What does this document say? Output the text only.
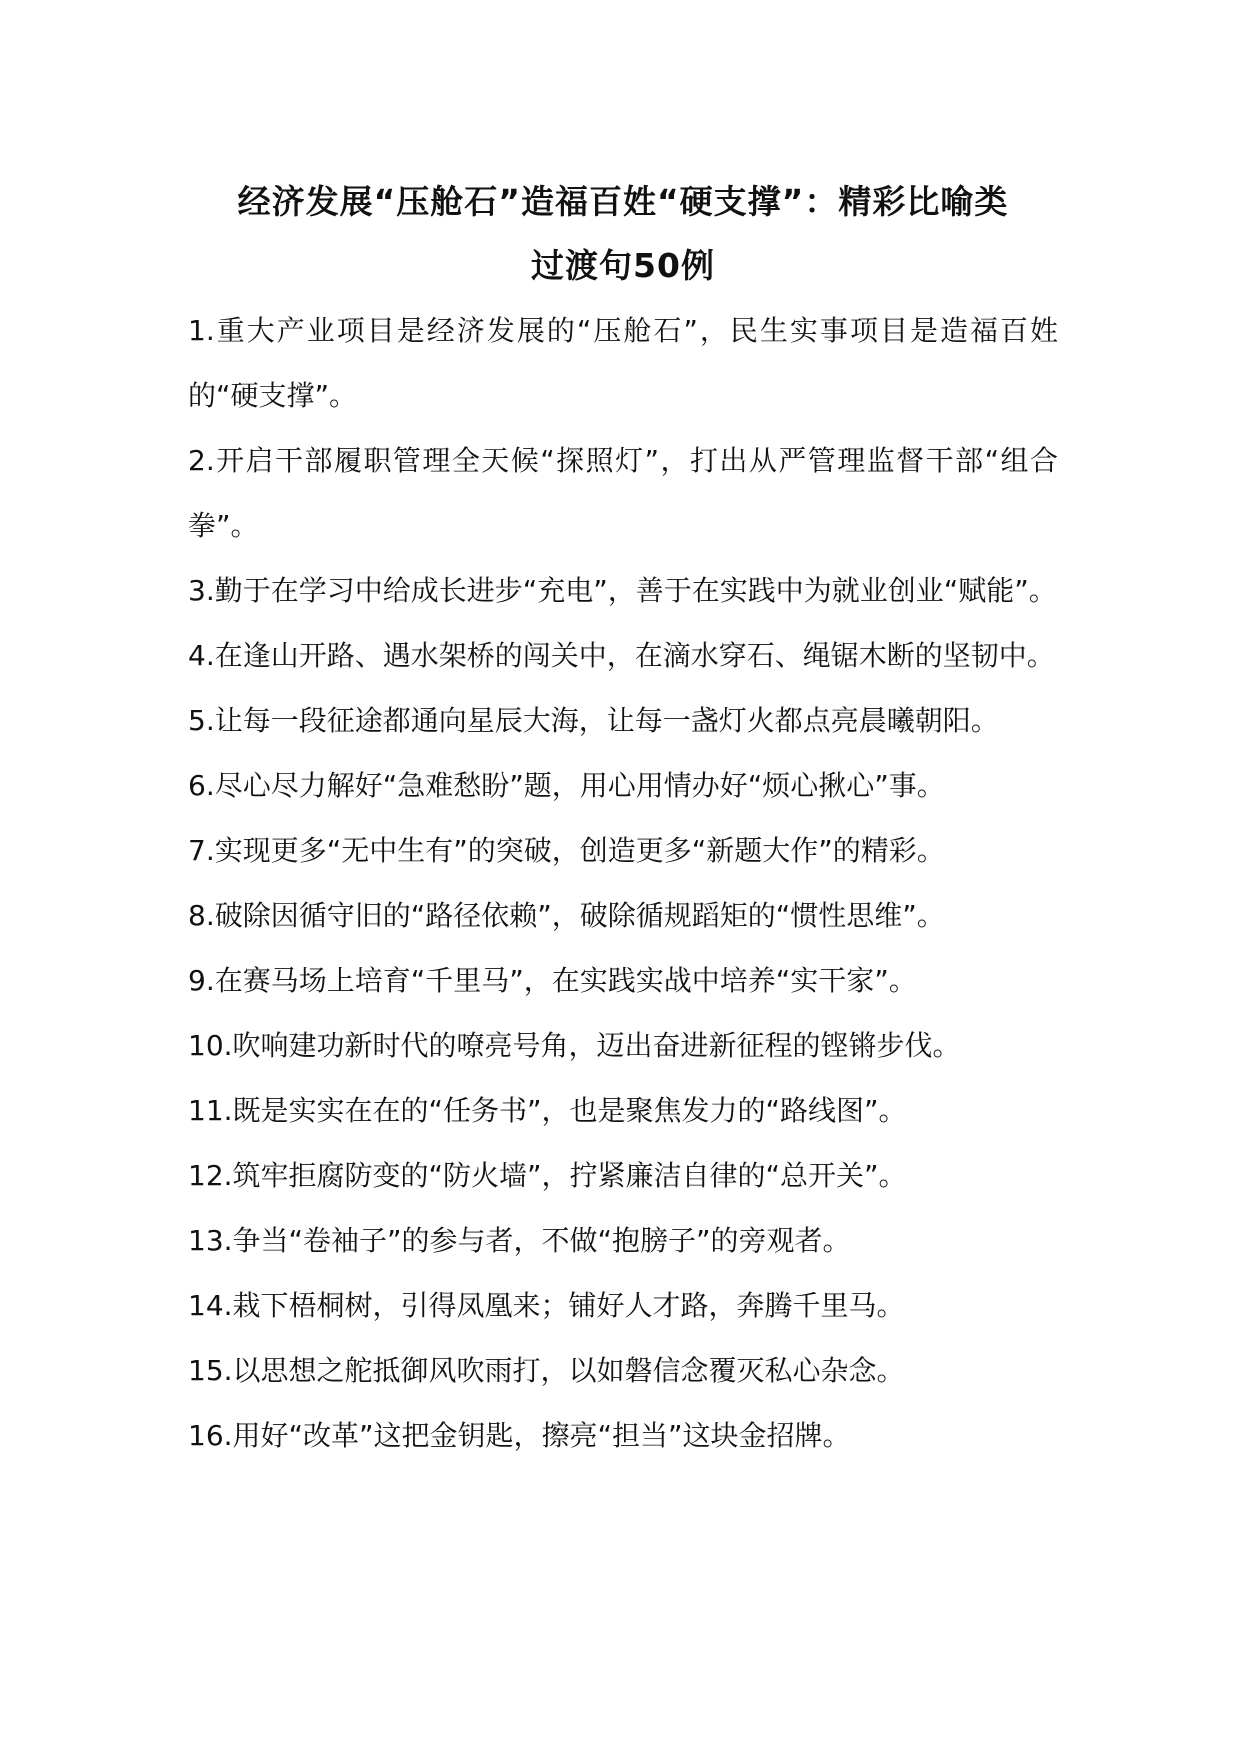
经济发展“压舱石”造福百姓“硬支撑”：精彩比喻类
过渡句50例
1.重大产业项目是经济发展的“压舱石”，民生实事项目是造福百姓的“硬支撑”。
2.开启干部履职管理全天候“探照灯”，打出从严管理监督干部“组合拳”。
3.勤于在学习中给成长进步“充电”，善于在实践中为就业创业“赋能”。
4.在逢山开路、遇水架桥的闯关中，在滴水穿石、绳锯木断的坚韧中。
5.让每一段征途都通向星辰大海，让每一盏灯火都点亮晨曦朝阳。
6.尽心尽力解好“急难愁盼”题，用心用情办好“烦心揪心”事。
7.实现更多“无中生有”的突破，创造更多“新题大作”的精彩。
8.破除因循守旧的“路径依赖”，破除循规蹈矩的“惯性思维”。
9.在赛马场上培育“千里马”，在实践实战中培养“实干家”。
10.吹响建功新时代的嘹亮号角，迈出奋进新征程的铿锵步伐。
11.既是实实在在的“任务书”，也是聚焦发力的“路线图”。
12.筑牢拒腐防变的“防火墙”，拧紧廉洁自律的“总开关”。
13.争当“卷袖子”的参与者，不做“抱膀子”的旁观者。
14.栽下梧桐树，引得凤凰来；铺好人才路，奔腾千里马。
15.以思想之舵抵御风吹雨打，以如磐信念覆灭私心杂念。
16.用好“改革”这把金钥匙，擦亮“担当”这块金招牌。
